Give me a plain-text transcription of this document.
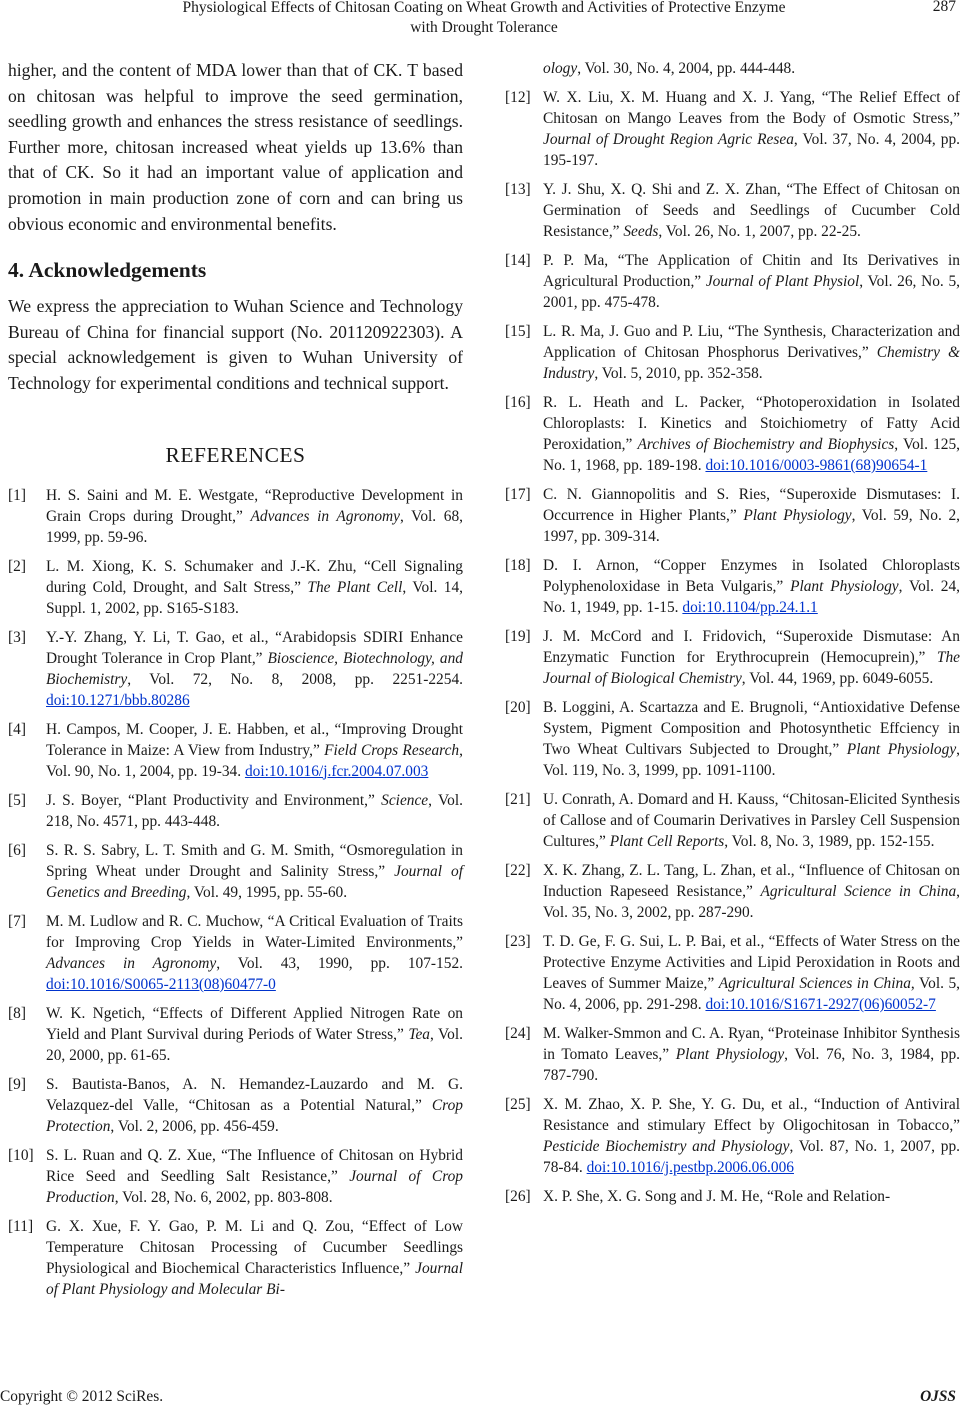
Physiological Effects of Chitosan Coating on Wheat Growth and Activities of Protective Enzyme
with Drought Tolerance
287

higher, and the content of MDA lower than that of CK. T based on chitosan was helpful to improve the seed germination, seedling growth and enhances the stress resistance of seedlings. Further more, chitosan increased wheat yields up 13.6% than that of CK. So it had an important value of application and promotion in main production zone of corn and can bring us obvious economic and environmental benefits.

4. Acknowledgements

We express the appreciation to Wuhan Science and Technology Bureau of China for financial support (No. 201120922303). A special acknowledgement is given to Wuhan University of Technology for experimental conditions and technical support.

REFERENCES
[1] H. S. Saini and M. E. Westgate, “Reproductive Development in Grain Crops during Drought,” Advances in Agronomy, Vol. 68, 1999, pp. 59-96.
[2] L. M. Xiong, K. S. Schumaker and J.-K. Zhu, “Cell Signaling during Cold, Drought, and Salt Stress,” The Plant Cell, Vol. 14, Suppl. 1, 2002, pp. S165-S183.
[3] Y.-Y. Zhang, Y. Li, T. Gao, et al., “Arabidopsis SDIRI Enhance Drought Tolerance in Crop Plant,” Bioscience, Biotechnology, and Biochemistry, Vol. 72, No. 8, 2008, pp. 2251-2254. doi:10.1271/bbb.80286
[4] H. Campos, M. Cooper, J. E. Habben, et al., “Improving Drought Tolerance in Maize: A View from Industry,” Field Crops Research, Vol. 90, No. 1, 2004, pp. 19-34. doi:10.1016/j.fcr.2004.07.003
[5] J. S. Boyer, “Plant Productivity and Environment,” Science, Vol. 218, No. 4571, pp. 443-448.
[6] S. R. S. Sabry, L. T. Smith and G. M. Smith, “Osmoregulation in Spring Wheat under Drought and Salinity Stress,” Journal of Genetics and Breeding, Vol. 49, 1995, pp. 55-60.
[7] M. M. Ludlow and R. C. Muchow, “A Critical Evaluation of Traits for Improving Crop Yields in Water-Limited Environments,” Advances in Agronomy, Vol. 43, 1990, pp. 107-152. doi:10.1016/S0065-2113(08)60477-0
[8] W. K. Ngetich, “Effects of Different Applied Nitrogen Rate on Yield and Plant Survival during Periods of Water Stress,” Tea, Vol. 20, 2000, pp. 61-65.
[9] S. Bautista-Banos, A. N. Hemandez-Lauzardo and M. G. Velazquez-del Valle, “Chitosan as a Potential Natural,” Crop Protection, Vol. 2, 2006, pp. 456-459.
[10] S. L. Ruan and Q. Z. Xue, “The Influence of Chitosan on Hybrid Rice Seed and Seedling Salt Resistance,” Journal of Crop Production, Vol. 28, No. 6, 2002, pp. 803-808.
[11] G. X. Xue, F. Y. Gao, P. M. Li and Q. Zou, “Effect of Low Temperature Chitosan Processing of Cucumber Seedlings Physiological and Biochemical Characteristics Influence,” Journal of Plant Physiology and Molecular Bi-
ology, Vol. 30, No. 4, 2004, pp. 444-448.
[12] W. X. Liu, X. M. Huang and X. J. Yang, “The Relief Effect of Chitosan on Mango Leaves from the Body of Osmotic Stress,” Journal of Drought Region Agric Resea, Vol. 37, No. 4, 2004, pp. 195-197.
[13] Y. J. Shu, X. Q. Shi and Z. X. Zhan, “The Effect of Chitosan on Germination of Seeds and Seedlings of Cucumber Cold Resistance,” Seeds, Vol. 26, No. 1, 2007, pp. 22-25.
[14] P. P. Ma, “The Application of Chitin and Its Derivatives in Agricultural Production,” Journal of Plant Physiol, Vol. 26, No. 5, 2001, pp. 475-478.
[15] L. R. Ma, J. Guo and P. Liu, “The Synthesis, Characterization and Application of Chitosan Phosphorus Derivatives,” Chemistry & Industry, Vol. 5, 2010, pp. 352-358.
[16] R. L. Heath and L. Packer, “Photoperoxidation in Isolated Chloroplasts: I. Kinetics and Stoichiometry of Fatty Acid Peroxidation,” Archives of Biochemistry and Biophysics, Vol. 125, No. 1, 1968, pp. 189-198. doi:10.1016/0003-9861(68)90654-1
[17] C. N. Giannopolitis and S. Ries, “Superoxide Dismutases: I. Occurrence in Higher Plants,” Plant Physiology, Vol. 59, No. 2, 1997, pp. 309-314.
[18] D. I. Arnon, “Copper Enzymes in Isolated Chloroplasts Polyphenoloxidase in Beta Vulgaris,” Plant Physiology, Vol. 24, No. 1, 1949, pp. 1-15. doi:10.1104/pp.24.1.1
[19] J. M. McCord and I. Fridovich, “Superoxide Dismutase: An Enzymatic Function for Erythrocuprein (Hemocuprein),” The Journal of Biological Chemistry, Vol. 44, 1969, pp. 6049-6055.
[20] B. Loggini, A. Scartazza and E. Brugnoli, “Antioxidative Defense System, Pigment Composition and Photosynthetic Effciency in Two Wheat Cultivars Subjected to Drought,” Plant Physiology, Vol. 119, No. 3, 1999, pp. 1091-1100.
[21] U. Conrath, A. Domard and H. Kauss, “Chitosan-Elicited Synthesis of Callose and of Coumarin Derivatives in Parsley Cell Suspension Cultures,” Plant Cell Reports, Vol. 8, No. 3, 1989, pp. 152-155.
[22] X. K. Zhang, Z. L. Tang, L. Zhan, et al., “Influence of Chitosan on Induction Rapeseed Resistance,” Agricultural Science in China, Vol. 35, No. 3, 2002, pp. 287-290.
[23] T. D. Ge, F. G. Sui, L. P. Bai, et al., “Effects of Water Stress on the Protective Enzyme Activities and Lipid Peroxidation in Roots and Leaves of Summer Maize,” Agricultural Sciences in China, Vol. 5, No. 4, 2006, pp. 291-298. doi:10.1016/S1671-2927(06)60052-7
[24] M. Walker-Smmon and C. A. Ryan, “Proteinase Inhibitor Synthesis in Tomato Leaves,” Plant Physiology, Vol. 76, No. 3, 1984, pp. 787-790.
[25] X. M. Zhao, X. P. She, Y. G. Du, et al., “Induction of Antiviral Resistance and stimulary Effect by Oligochitosan in Tobacco,” Pesticide Biochemistry and Physiology, Vol. 87, No. 1, 2007, pp. 78-84. doi:10.1016/j.pestbp.2006.06.006
[26] X. P. She, X. G. Song and J. M. He, “Role and Relation-
Copyright © 2012 SciRes.	OJSS
